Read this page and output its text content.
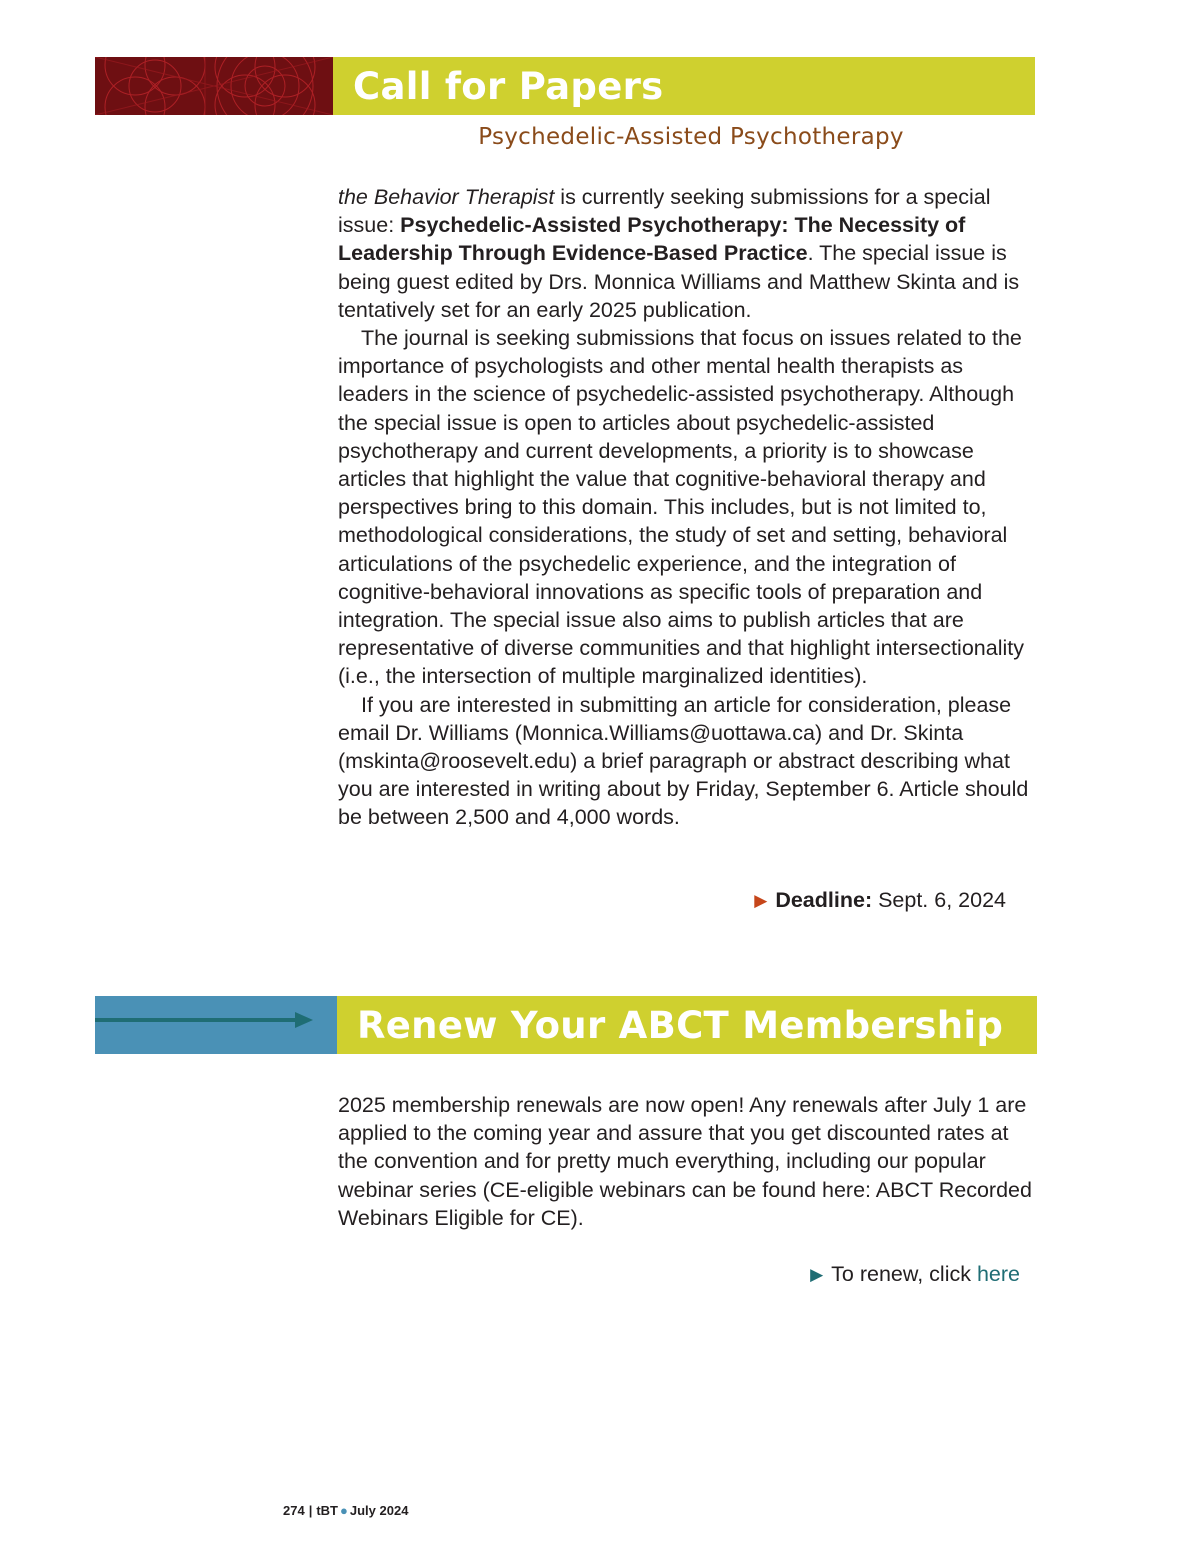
Call for Papers
Psychedelic-Assisted Psychotherapy

the Behavior Therapist is currently seeking submissions for a special issue: Psychedelic-Assisted Psychotherapy: The Necessity of Leadership Through Evidence-Based Practice. The special issue is being guest edited by Drs. Monnica Williams and Matthew Skinta and is tentatively set for an early 2025 publication.

The journal is seeking submissions that focus on issues related to the importance of psychologists and other mental health therapists as leaders in the science of psychedelic-assisted psychotherapy. Although the special issue is open to articles about psychedelic-assisted psychotherapy and current developments, a priority is to showcase articles that highlight the value that cognitive-behavioral therapy and perspectives bring to this domain. This includes, but is not limited to, methodological considerations, the study of set and setting, behavioral articulations of the psychedelic experience, and the integration of cognitive-behavioral innovations as specific tools of preparation and integration. The special issue also aims to publish articles that are representative of diverse communities and that highlight intersectionality (i.e., the intersection of multiple marginalized identities).

If you are interested in submitting an article for consideration, please email Dr. Williams (Monnica.Williams@uottawa.ca) and Dr. Skinta (mskinta@roosevelt.edu) a brief paragraph or abstract describing what you are interested in writing about by Friday, September 6. Article should be between 2,500 and 4,000 words.

▶ Deadline: Sept. 6, 2024
Renew Your ABCT Membership

2025 membership renewals are now open! Any renewals after July 1 are applied to the coming year and assure that you get discounted rates at the convention and for pretty much everything, including our popular webinar series (CE-eligible webinars can be found here: ABCT Recorded Webinars Eligible for CE).

▶ To renew, click here
274 | tBT ● July 2024
